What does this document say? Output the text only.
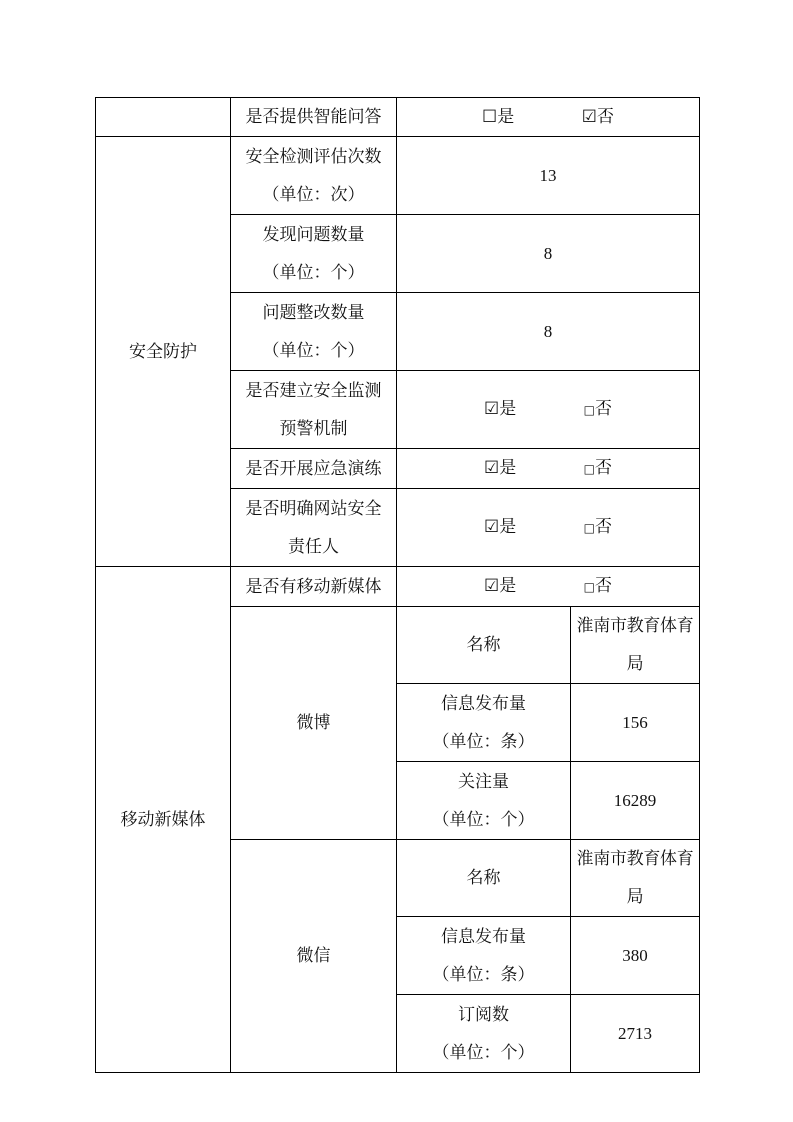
	是否提供智能问答	☐是 ☑否	
安全防护	安全检测评估次数
（单位：次）	13	

	发现问题数量
（单位：个）	8	

	问题整改数量
（单位：个）	8	

	是否建立安全监测
预警机制	☑是 □否	
	是否开展应急演练	☑是 □否	

	是否明确网站安全
责任人	☑是 □否	
移动新媒体	是否有移动新媒体	☑是 □否	
	微博	名称	淮南市教育体育局

		信息发布量
（单位：条）	156

		关注量
（单位：个）	16289
	微信	名称	淮南市教育体育局

		信息发布量
（单位：条）	380

		订阅数
（单位：个）	2713
